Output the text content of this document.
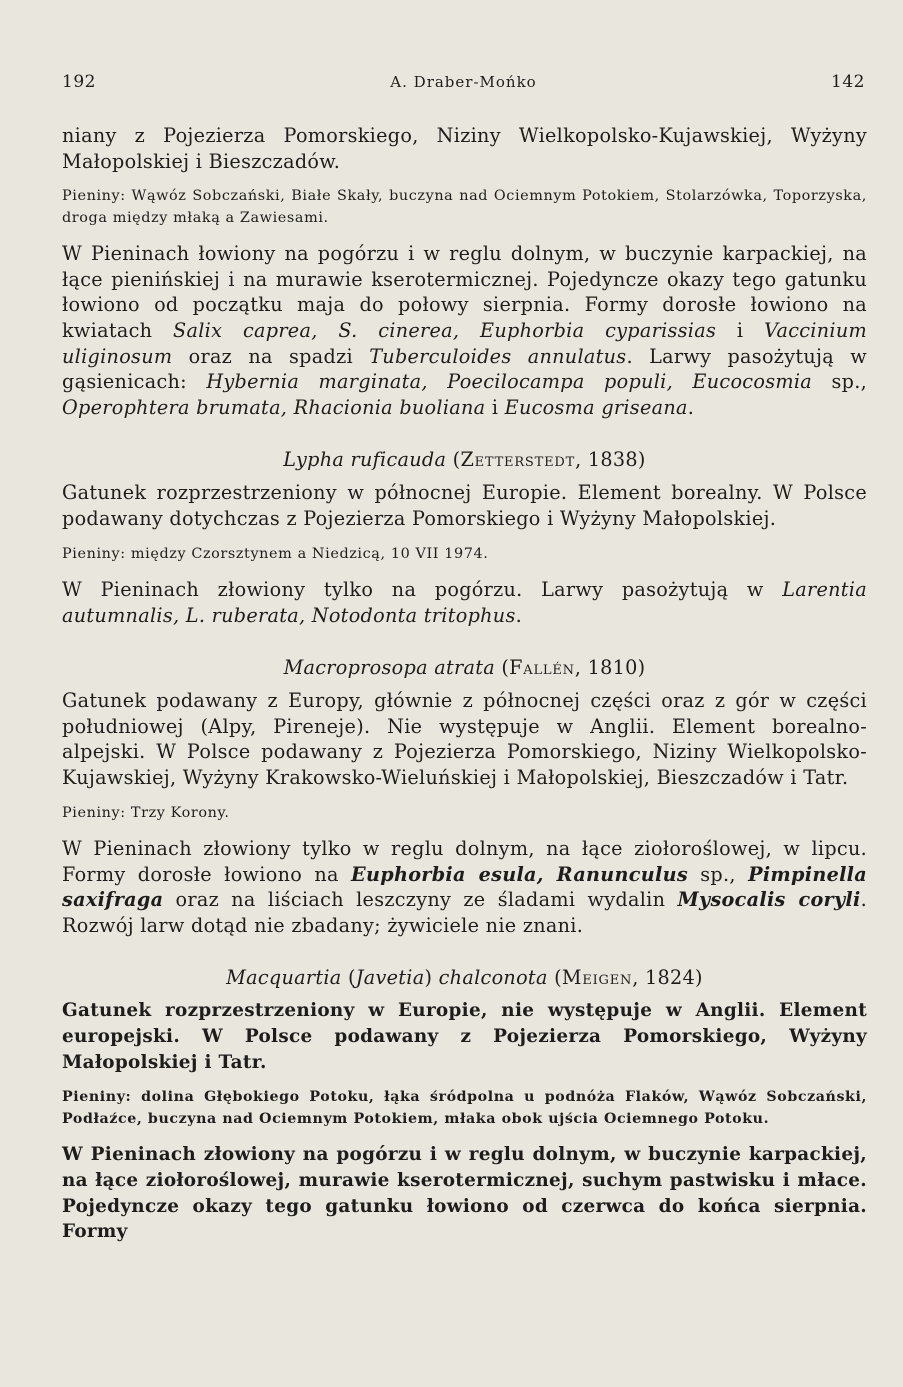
192	A. Draber-Mońko	142

niany z Pojezierza Pomorskiego, Niziny Wielkopolsko-Kujawskiej, Wyżyny Małopolskiej i Bieszczadów.

Pieniny: Wąwóz Sobczański, Białe Skały, buczyna nad Ociemnym Potokiem, Stolarzówka, Toporzyska, droga między młaką a Zawiesami.

W Pieninach łowiony na pogórzu i w reglu dolnym, w buczynie karpackiej, na łące pienińskiej i na murawie kserotermicznej. Pojedyncze okazy tego gatunku łowiono od początku maja do połowy sierpnia. Formy dorosłe łowiono na kwiatach Salix caprea, S. cinerea, Euphorbia cyparissias i Vaccinium uliginosum oraz na spadzi Tuberculoides annulatus. Larwy pasożytują w gąsienicach: Hybernia marginata, Poecilocampa populi, Eucocosmia sp., Operophtera brumata, Rhacionia buoliana i Eucosma griseana.

Lypha ruficauda (Zetterstedt, 1838)

Gatunek rozprzestrzeniony w północnej Europie. Element borealny. W Polsce podawany dotychczas z Pojezierza Pomorskiego i Wyżyny Małopolskiej.

Pieniny: między Czorsztynem a Niedzicą, 10 VII 1974.

W Pieninach złowiony tylko na pogórzu. Larwy pasożytują w Larentia autumnalis, L. ruberata, Notodonta tritophus.

Macroprosopa atrata (Fallén, 1810)

Gatunek podawany z Europy, głównie z północnej części oraz z gór w części południowej (Alpy, Pireneje). Nie występuje w Anglii. Element borealno-alpejski. W Polsce podawany z Pojezierza Pomorskiego, Niziny Wielkopolsko-Kujawskiej, Wyżyny Krakowsko-Wieluńskiej i Małopolskiej, Bieszczadów i Tatr.

Pieniny: Trzy Korony.

W Pieninach złowiony tylko w reglu dolnym, na łące ziołoroślowej, w lipcu. Formy dorosłe łowiono na Euphorbia esula, Ranunculus sp., Pimpinella saxifraga oraz na liściach leszczyny ze śladami wydalin Mysocalis coryli. Rozwój larw dotąd nie zbadany; żywiciele nie znani.

Macquartia (Javetia) chalconota (Meigen, 1824)

Gatunek rozprzestrzeniony w Europie, nie występuje w Anglii. Element europejski. W Polsce podawany z Pojezierza Pomorskiego, Wyżyny Małopolskiej i Tatr.

Pieniny: dolina Głębokiego Potoku, łąka śródpolna u podnóża Flaków, Wąwóz Sobczański, Podłaźce, buczyna nad Ociemnym Potokiem, młaka obok ujścia Ociemnego Potoku.

W Pieninach złowiony na pogórzu i w reglu dolnym, w buczynie karpackiej, na łące ziołoroślowej, murawie kserotermicznej, suchym pastwisku i młace. Pojedyncze okazy tego gatunku łowiono od czerwca do końca sierpnia. Formy
